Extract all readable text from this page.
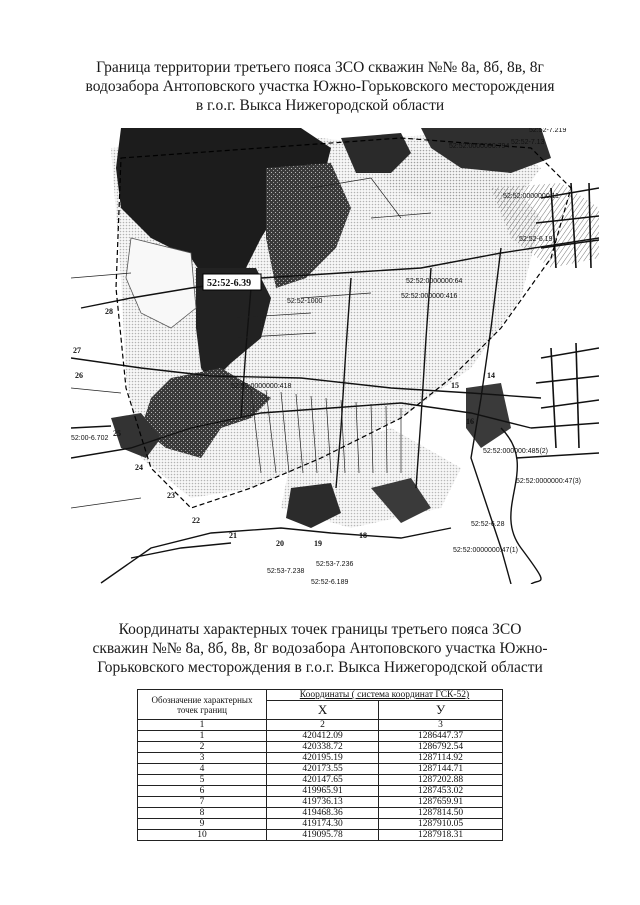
Граница территории третьего пояса ЗСО скважин №№ 8а, 8б, 8в, 8г
водозабора Антоповского участка Южно-Горьковского месторождения
в г.о.г. Выкса Нижегородской области
52:52-6.39
52:52-7.219
52:52:0000000:794
52:52-7.13
52:52:0000000:11
52:52-6.19
52:52:000000:416
52:52:0000000:64
52:52:0000000:418
52:00-6.702
52:52-6.28
52:52:0000000:47(1)
52:53-7.238
52:52-6.189
52:52:0000000:47(3)
52:53-7.236
52:52-1000
52:52:000000:485(2)
25
24
23
22
21
20	19
18
27
26
28
15
16
14
Координаты характерных точек границы третьего пояса ЗСО
скважин №№ 8а, 8б, 8в, 8г водозабора Антоповского участка Южно-
Горьковского месторождения в г.о.г. Выкса Нижегородской области
Обозначение характерных точек границ	Координаты ( система координат ГСК-52)	
	X	У
1	2	3
1	420412.09	1286447.37
2	420338.72	1286792.54
3	420195.19	1287114.92
4	420173.55	1287144.71
5	420147.65	1287202.88
6	419965.91	1287453.02
7	419736.13	1287659.91
8	419468.36	1287814.50
9	419174.30	1287910.05
10	419095.78	1287918.31
